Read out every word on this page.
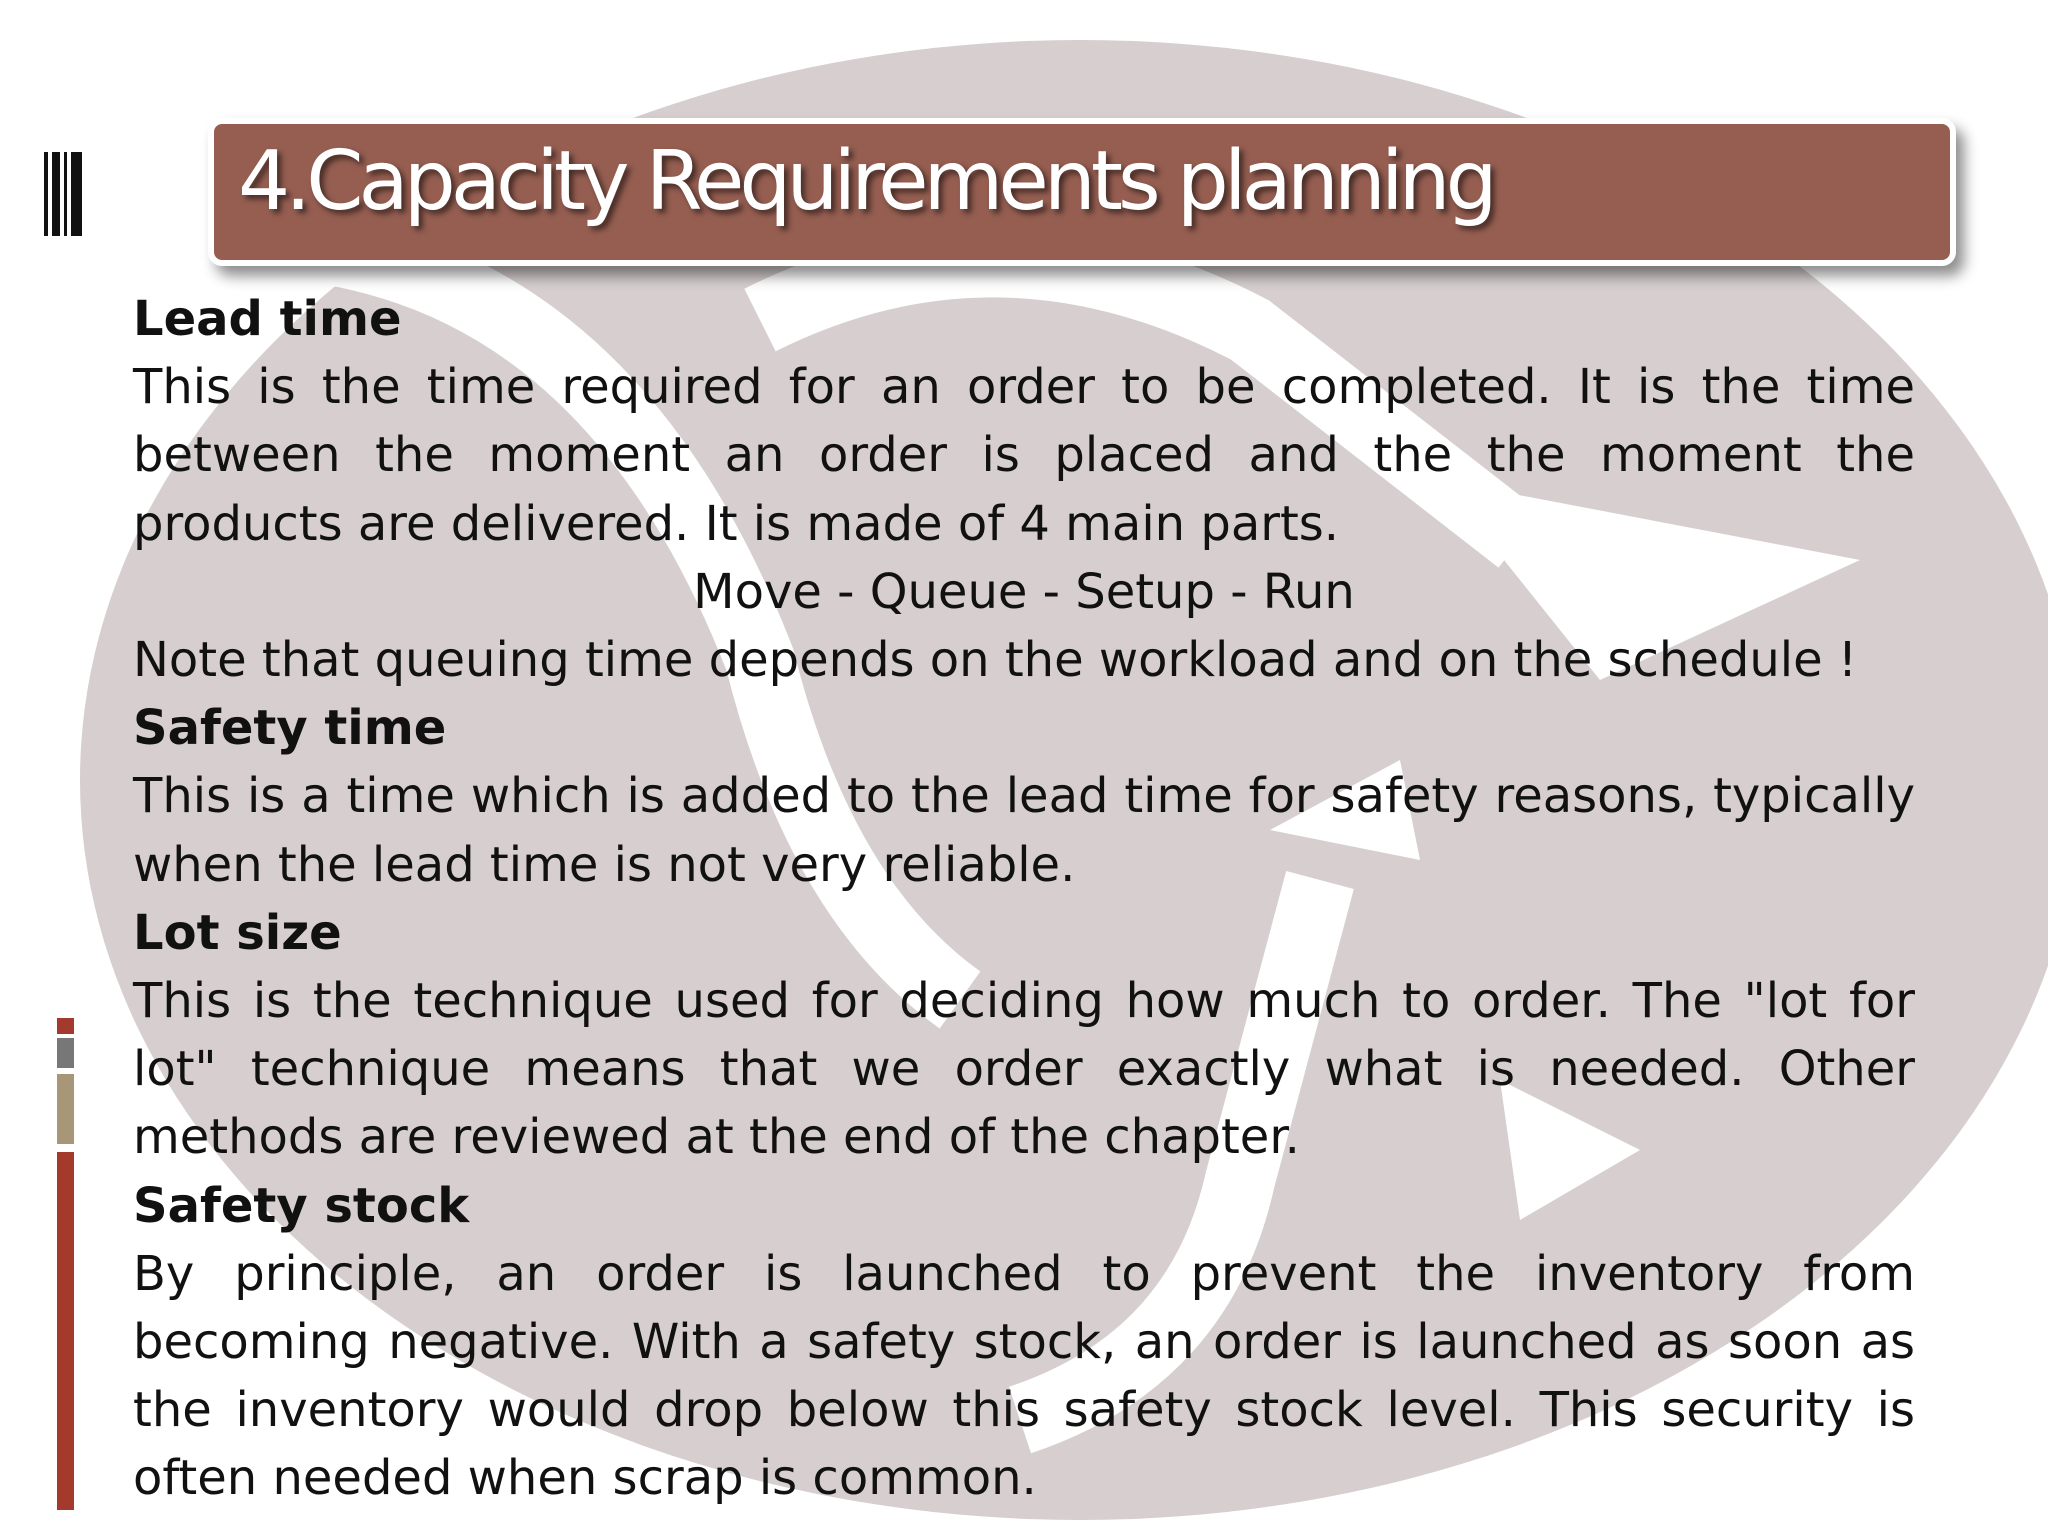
4.Capacity Requirements planning

Lead time

This is the time required for an order to be completed. It is the time between the moment an order is placed and the the moment the products are delivered. It is made of 4 main parts.

Move - Queue - Setup - Run

Note that queuing time depends on the workload and on the schedule !

Safety time

This is a time which is added to the lead time for safety reasons, typically when the lead time is not very reliable.

Lot size

This is the technique used for deciding how much to order. The "lot for lot" technique means that we order exactly what is needed. Other methods are reviewed at the end of the chapter.

Safety stock

By principle, an order is launched to prevent the inventory from becoming negative. With a safety stock, an order is launched as soon as the inventory would drop below this safety stock level. This security is often needed when scrap is common.
